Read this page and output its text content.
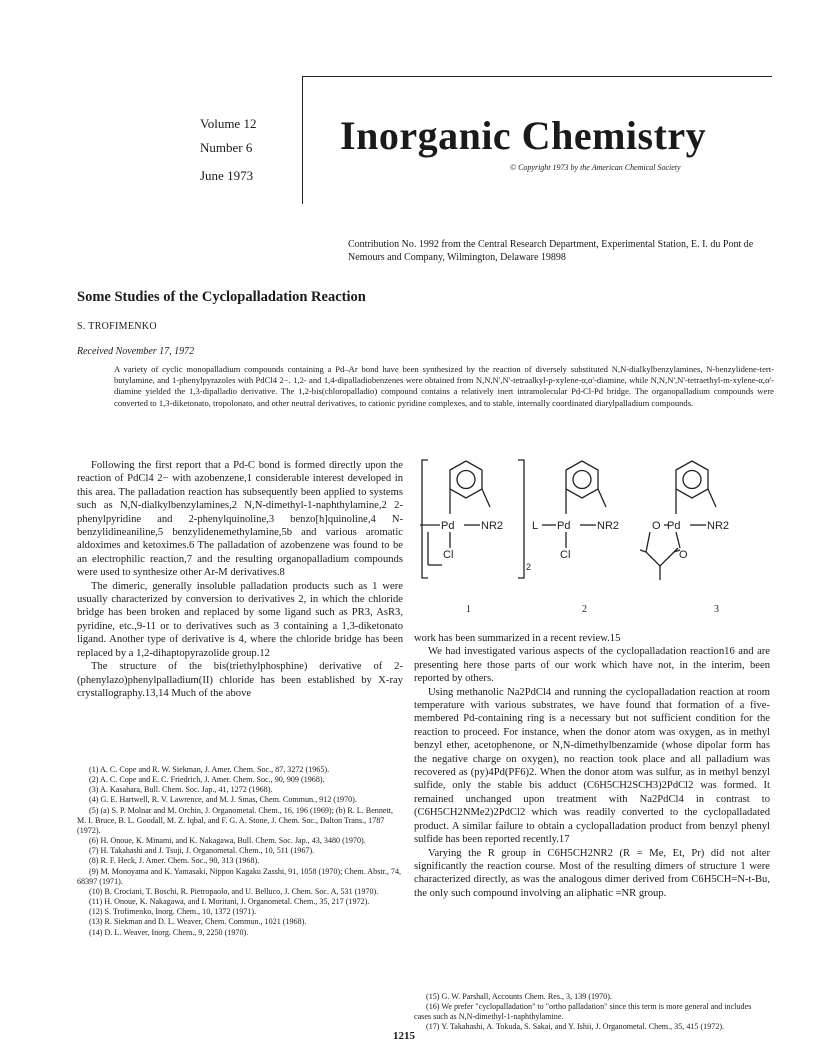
Volume 12
Number 6
June 1973
Inorganic Chemistry
© Copyright 1973 by the American Chemical Society
Contribution No. 1992 from the Central Research Department, Experimental Station, E. I. du Pont de Nemours and Company, Wilmington, Delaware 19898
Some Studies of the Cyclopalladation Reaction
S. TROFIMENKO
Received November 17, 1972
A variety of cyclic monopalladium compounds containing a Pd–Ar bond have been synthesized by the reaction of diversely substituted N,N-dialkylbenzylamines, N-benzylidene-tert-butylamine, and 1-phenylpyrazoles with PdCl4 2−. 1,2- and 1,4-dipalladiobenzenes were obtained from N,N,N',N'-tetraalkyl-p-xylene-α,α'-diamine, while N,N,N',N'-tetraethyl-m-xylene-α,α'-diamine yielded the 1,3-dipalladio derivative. The 1,2-bis(chloropalladio) compound contains a relatively inert intramolecular Pd-Cl-Pd bridge. The organopalladium compounds were converted to 1,3-diketonato, tropolonato, and other neutral derivatives, to cationic pyridine complexes, and to stable, internally coordinated diarylpalladium compounds.

Following the first report that a Pd-C bond is formed directly upon the reaction of PdCl4 2− with azobenzene,1 considerable interest developed in this area. The palladation reaction has subsequently been applied to systems such as N,N-dialkylbenzylamines,2 N,N-dimethyl-1-naphthylamine,2 2-phenylpyridine and 2-phenylquinoline,3 benzo[h]quinoline,4 N-benzylidineaniline,5 benzylidenemethylamine,5b and various aromatic aldoximes and ketoximes.6 The palladation of azobenzene was found to be an electrophilic reaction,7 and the resulting organopalladium compounds were used to synthesize other Ar-M derivatives.8

The dimeric, generally insoluble palladation products such as 1 were usually characterized by conversion to derivatives 2, in which the chloride bridge has been broken and replaced by some ligand such as PR3, AsR3, pyridine, etc.,9-11 or to derivatives such as 3 containing a 1,3-diketonato ligand. Another type of derivative is 4, where the chloride bridge has been replaced by a 1,2-dihaptopyrazolide group.12

The structure of the bis(triethylphosphine) derivative of 2-(phenylazo)phenylpalladium(II) chloride has been established by X-ray crystallography.13,14 Much of the above

Pd NR2
Cl
2
L Pd NR2
Cl
O Pd NR2
O
1	2	3

work has been summarized in a recent review.15

We had investigated various aspects of the cyclopalladation reaction16 and are presenting here those parts of our work which have not, in the interim, been reported by others.

Using methanolic Na2PdCl4 and running the cyclopalladation reaction at room temperature with various substrates, we have found that formation of a five-membered Pd-containing ring is a necessary but not sufficient condition for the reaction to proceed. For instance, when the donor atom was oxygen, as in methyl benzyl ether, acetophenone, or N,N-dimethylbenzamide (whose dipolar form has the negative charge on oxygen), no reaction took place and all palladium was recovered as (py)4Pd(PF6)2. When the donor atom was sulfur, as in methyl benzyl sulfide, only the stable bis adduct (C6H5CH2SCH3)2PdCl2 was formed. It remained unchanged upon treatment with Na2PdCl4 in contrast to (C6H5CH2NMe2)2PdCl2 which was readily converted to the cyclopalladated product. A similar failure to obtain a cyclopalladation product from benzyl phenyl sulfide has been reported recently.17

Varying the R group in C6H5CH2NR2 (R = Me, Et, Pr) did not alter significantly the reaction course. Most of the resulting dimers of structure 1 were characterized directly, as was the analogous dimer derived from C6H5CH=N-t-Bu, the only such compound involving an aliphatic =NR group.

(1) A. C. Cope and R. W. Siekman, J. Amer. Chem. Soc., 87, 3272 (1965).

(2) A. C. Cope and E. C. Friedrich, J. Amer. Chem. Soc., 90, 909 (1968).

(3) A. Kasahara, Bull. Chem. Soc. Jap., 41, 1272 (1968).

(4) G. E. Hartwell, R. V. Lawrence, and M. J. Smas, Chem. Commun., 912 (1970).

(5) (a) S. P. Molnar and M. Orchin, J. Organometal. Chem., 16, 196 (1969); (b) R. L. Bennett, M. I. Bruce, B. L. Goodall, M. Z. Iqbal, and F. G. A. Stone, J. Chem. Soc., Dalton Trans., 1787 (1972).

(6) H. Onoue, K. Minami, and K. Nakagawa, Bull. Chem. Soc. Jap., 43, 3480 (1970).

(7) H. Takahashi and J. Tsuji, J. Organometal. Chem., 10, 511 (1967).

(8) R. F. Heck, J. Amer. Chem. Soc., 90, 313 (1968).

(9) M. Monoyama and K. Yamasaki, Nippon Kagaku Zasshi, 91, 1058 (1970); Chem. Abstr., 74, 68397 (1971).

(10) B. Crociani, T. Boschi, R. Pietropaolo, and U. Belluco, J. Chem. Soc. A, 531 (1970).

(11) H. Onoue, K. Nakagawa, and I. Moritani, J. Organometal. Chem., 35, 217 (1972).

(12) S. Trofimenko, Inorg. Chem., 10, 1372 (1971).

(13) R. Siekman and D. L. Weaver, Chem. Commun., 1021 (1968).

(14) D. L. Weaver, Inorg. Chem., 9, 2250 (1970).

(15) G. W. Parshall, Accounts Chem. Res., 3, 139 (1970).

(16) We prefer "cyclopalladation" to "ortho palladation" since this term is more general and includes cases such as N,N-dimethyl-1-naphthylamine.

(17) Y. Takahashi, A. Tokuda, S. Sakai, and Y. Ishii, J. Organometal. Chem., 35, 415 (1972).

1215
